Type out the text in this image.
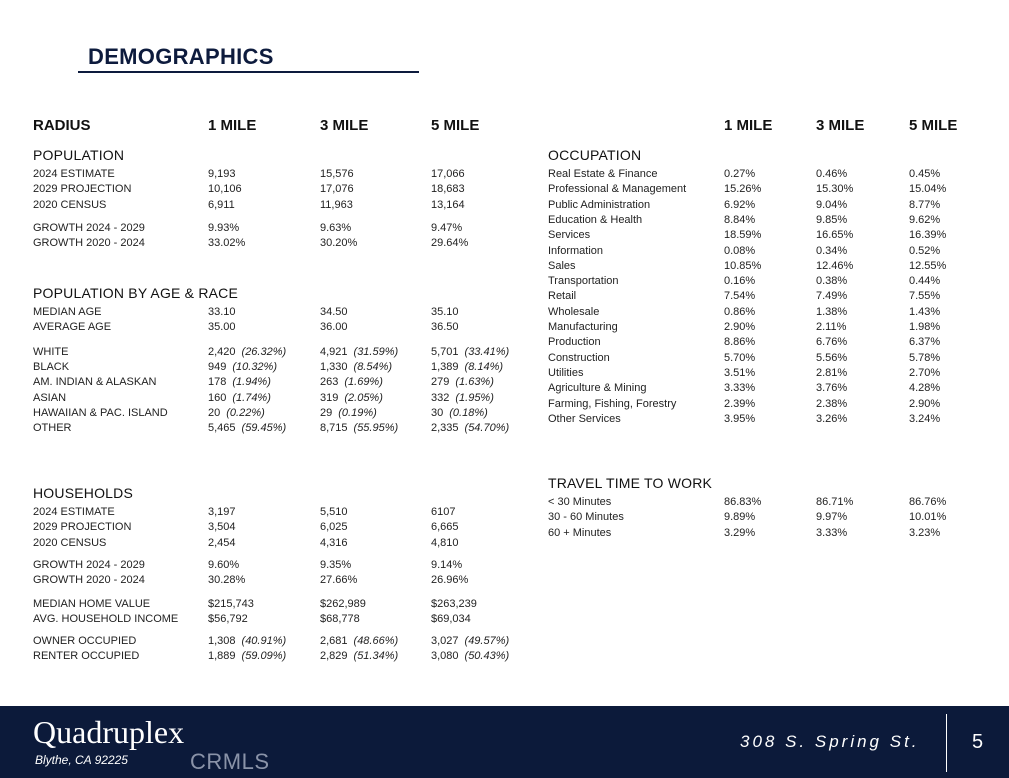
DEMOGRAPHICS
RADIUS	1 MILE	3 MILE	5 MILE	1 MILE	3 MILE	5 MILE
POPULATION
2024 ESTIMATE	9,193	15,576	17,066
2029 PROJECTION	10,106	17,076	18,683
2020 CENSUS	6,911	11,963	13,164
GROWTH 2024 - 2029	9.93%	9.63%	9.47%
GROWTH 2020 - 2024	33.02%	30.20%	29.64%
POPULATION BY AGE & RACE
MEDIAN AGE	33.10	34.50	35.10
AVERAGE AGE	35.00	36.00	36.50
WHITE	2,420 (26.32%)	4,921 (31.59%)	5,701 (33.41%)
BLACK	949 (10.32%)	1,330 (8.54%)	1,389 (8.14%)
AM. INDIAN & ALASKAN	178 (1.94%)	263 (1.69%)	279 (1.63%)
ASIAN	160 (1.74%)	319 (2.05%)	332 (1.95%)
HAWAIIAN & PAC. ISLAND	20 (0.22%)	29 (0.19%)	30 (0.18%)
OTHER	5,465 (59.45%)	8,715 (55.95%)	2,335 (54.70%)
HOUSEHOLDS
2024 ESTIMATE	3,197	5,510	6107
2029 PROJECTION	3,504	6,025	6,665
2020 CENSUS	2,454	4,316	4,810
GROWTH 2024 - 2029	9.60%	9.35%	9.14%
GROWTH 2020 - 2024	30.28%	27.66%	26.96%
MEDIAN HOME VALUE	$215,743	$262,989	$263,239
AVG. HOUSEHOLD INCOME	$56,792	$68,778	$69,034
OWNER OCCUPIED	1,308 (40.91%)	2,681 (48.66%)	3,027 (49.57%)
RENTER OCCUPIED	1,889 (59.09%)	2,829 (51.34%)	3,080 (50.43%)
OCCUPATION
Real Estate & Finance	0.27%	0.46%	0.45%
Professional & Management	15.26%	15.30%	15.04%
Public Administration	6.92%	9.04%	8.77%
Education & Health	8.84%	9.85%	9.62%
Services	18.59%	16.65%	16.39%
Information	0.08%	0.34%	0.52%
Sales	10.85%	12.46%	12.55%
Transportation	0.16%	0.38%	0.44%
Retail	7.54%	7.49%	7.55%
Wholesale	0.86%	1.38%	1.43%
Manufacturing	2.90%	2.11%	1.98%
Production	8.86%	6.76%	6.37%
Construction	5.70%	5.56%	5.78%
Utilities	3.51%	2.81%	2.70%
Agriculture & Mining	3.33%	3.76%	4.28%
Farming, Fishing, Forestry	2.39%	2.38%	2.90%
Other Services	3.95%	3.26%	3.24%
TRAVEL TIME TO WORK
< 30 Minutes	86.83%	86.71%	86.76%
30 - 60 Minutes	9.89%	9.97%	10.01%
60 + Minutes	3.29%	3.33%	3.23%
Quadruplex
Blythe, CA 92225	CRMLS
308 S. Spring St.	5
